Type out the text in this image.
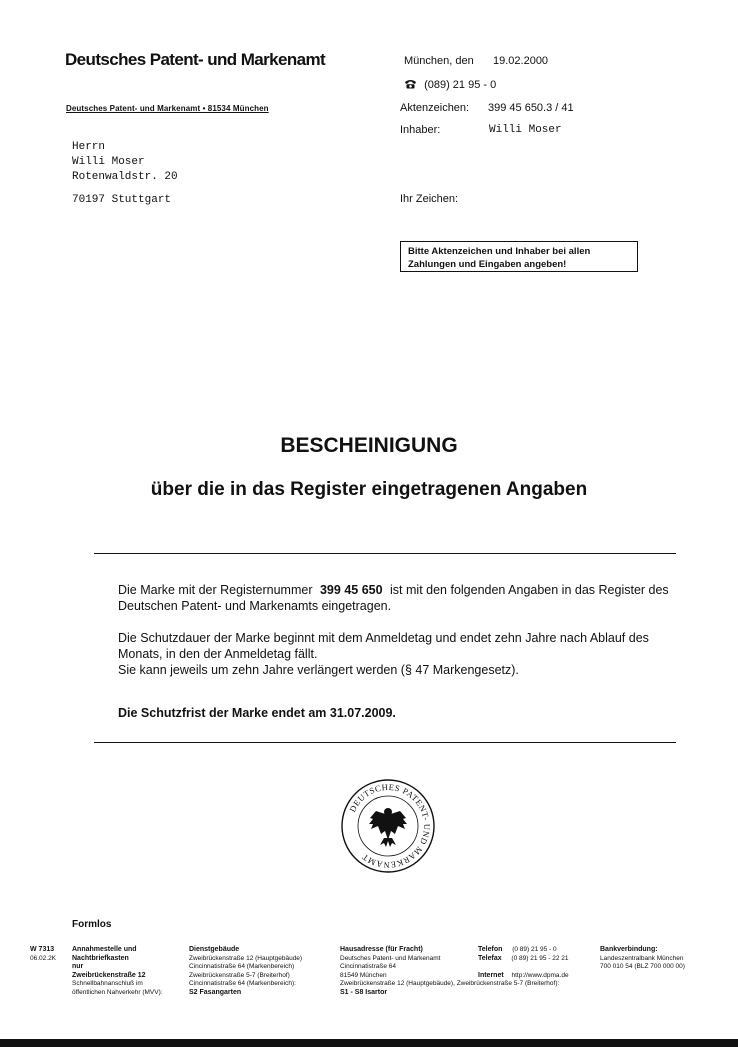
Deutsches Patent- und Markenamt
Deutsches Patent- und Markenamt • 81534 München
München, den 19.02.2000
(089) 21 95 - 0
Aktenzeichen: 399 45 650.3 / 41
Inhaber:	Willi Moser
Ihr Zeichen:
Herrn
Willi Moser
Rotenwaldstr. 20
70197 Stuttgart
Bitte Aktenzeichen und Inhaber bei allen Zahlungen und Eingaben angeben!
BESCHEINIGUNG
über die in das Register eingetragenen Angaben
Die Marke mit der Registernummer 399 45 650 ist mit den folgenden Angaben in das Register des Deutschen Patent- und Markenamts eingetragen.
Die Schutzdauer der Marke beginnt mit dem Anmeldetag und endet zehn Jahre nach Ablauf des Monats, in den der Anmeldetag fällt.
Sie kann jeweils um zehn Jahre verlängert werden (§ 47 Markengesetz).
Die Schutzfrist der Marke endet am 31.07.2009.
DEUTSCHES PATENT- UND MARKENAMT
Formlos
W 7313
06.02.2K
Annahmestelle und
Nachtbriefkasten
nur
Zweibrückenstraße 12
Schnellbahnanschluß im
öffentlichen Nahverkehr (MVV):
Dienstgebäude
Zweibrückenstraße 12 (Hauptgebäude)
Cincinnatistraße 64 (Markenbereich)
Zweibrückenstraße 5-7 (Breiterhof)
Cincinnatistraße 64 (Markenbereich):
S2 Fasangarten
Hausadresse (für Fracht)
Deutsches Patent- und Markenamt
Cincinnatistraße 64
81549 München
Zweibrückenstraße 12 (Hauptgebäude), Zweibrückenstraße 5-7 (Breiterhof):
S1 - S8 Isartor
Telefon (0 89) 21 95 - 0
Telefax (0 89) 21 95 - 22 21

Internet http://www.dpma.de
Bankverbindung:
Landeszentralbank München
700 010 54 (BLZ 700 000 00)
